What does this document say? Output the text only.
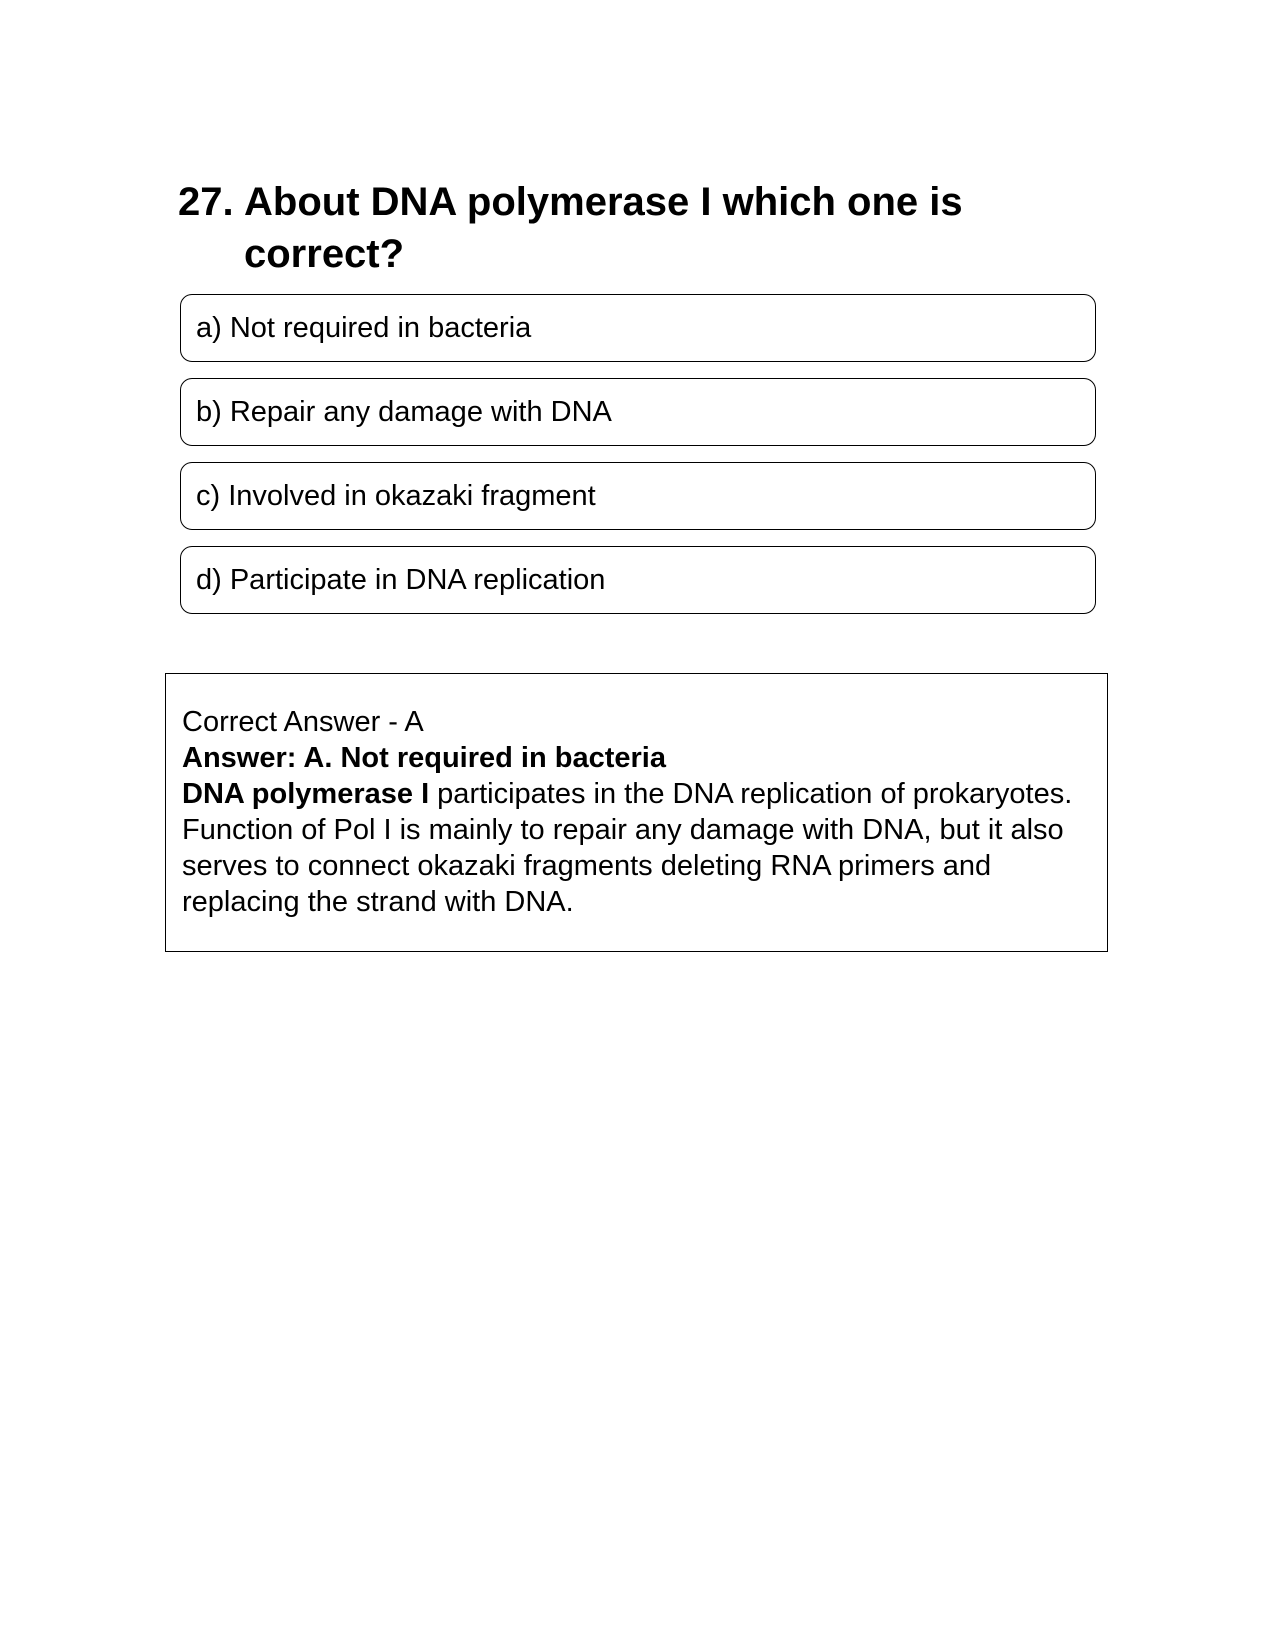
27. About DNA polymerase I which one is correct?
a) Not required in bacteria
b) Repair any damage with DNA
c) Involved in okazaki fragment
d) Participate in DNA replication
Correct Answer - A
Answer: A. Not required in bacteria
DNA polymerase I participates in the DNA replication of prokaryotes. Function of Pol I is mainly to repair any damage with DNA, but it also serves to connect okazaki fragments deleting RNA primers and replacing the strand with DNA.
